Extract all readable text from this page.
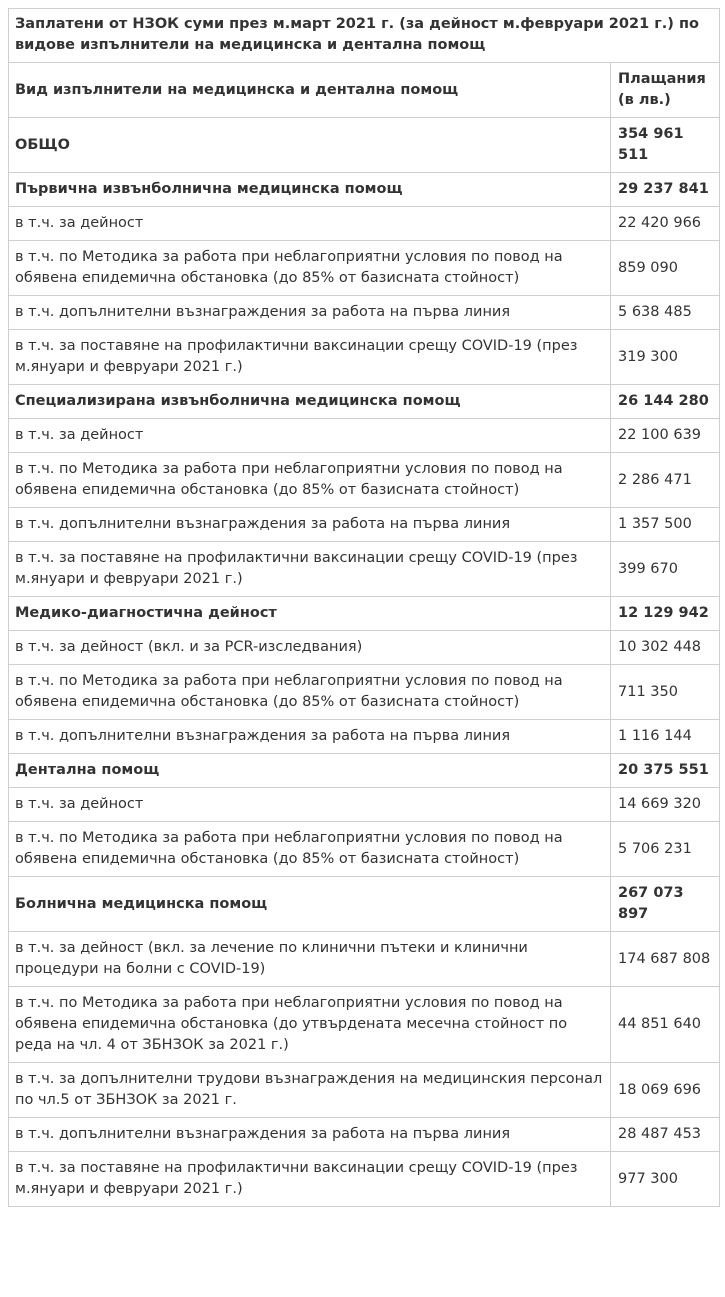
Заплатени от НЗОК суми през м.март 2021 г. (за дейност м.февруари 2021 г.) по видове изпълнители на медицинска и дентална помощ	
Вид изпълнители на медицинска и дентална помощ	Плащания (в лв.)
ОБЩО	354 961 511
Първична извънболнична медицинска помощ	29 237 841
в т.ч. за дейност	22 420 966
в т.ч. по Методика за работа при неблагоприятни условия по повод на обявена епидемична обстановка (до 85% от базисната стойност)	859 090
в т.ч. допълнителни възнаграждения за работа на първа линия	5 638 485
в т.ч. за поставяне на профилактични ваксинации срещу COVID-19 (през м.януари и февруари 2021 г.)	319 300
Специализирана извънболнична медицинска помощ	26 144 280
в т.ч. за дейност	22 100 639
в т.ч. по Методика за работа при неблагоприятни условия по повод на обявена епидемична обстановка (до 85% от базисната стойност)	2 286 471
в т.ч. допълнителни възнаграждения за работа на първа линия	1 357 500
в т.ч. за поставяне на профилактични ваксинации срещу COVID-19 (през м.януари и февруари 2021 г.)	399 670
Медико-диагностична дейност	12 129 942
в т.ч. за дейност (вкл. и за PCR-изследвания)	10 302 448
в т.ч. по Методика за работа при неблагоприятни условия по повод на обявена епидемична обстановка (до 85% от базисната стойност)	711 350
в т.ч. допълнителни възнаграждения за работа на първа линия	1 116 144
Дентална помощ	20 375 551
в т.ч. за дейност	14 669 320
в т.ч. по Методика за работа при неблагоприятни условия по повод на обявена епидемична обстановка (до 85% от базисната стойност)	5 706 231
Болнична медицинска помощ	267 073 897
в т.ч. за дейност (вкл. за лечение по клинични пътеки и клинични процедури на болни с COVID-19)	174 687 808
в т.ч. по Методика за работа при неблагоприятни условия по повод на обявена епидемична обстановка (до утвърдената месечна стойност по реда на чл. 4 от ЗБНЗОК за 2021 г.)	44 851 640
в т.ч. за допълнителни трудови възнаграждения на медицинския персонал по чл.5 от ЗБНЗОК за 2021 г.	18 069 696
в т.ч. допълнителни възнаграждения за работа на първа линия	28 487 453
в т.ч. за поставяне на профилактични ваксинации срещу COVID-19 (през м.януари и февруари 2021 г.)	977 300
